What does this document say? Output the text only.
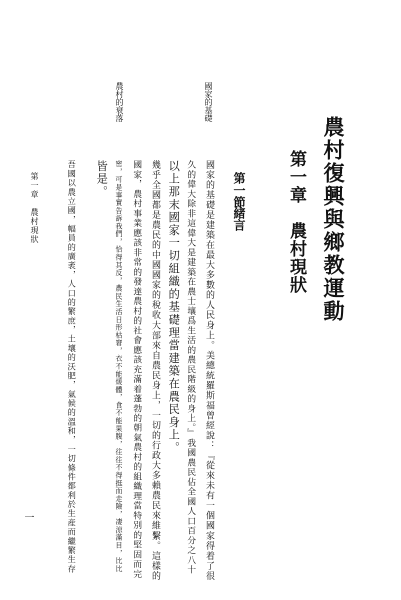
農村復興與鄉教運動
第一章
農村現狀
第一節
緒言
國家的基礎
農村的衰落
國家的基礎是建築在最大多數的人民身上。美總統羅斯福曾經說：『從來未有一個國家得着了很
久的偉大除非這偉大是建築在農士壤爲生活的農民階級的身上。』我國農民佔全國人口百分之八十
以上那末國家一切組織的基礎理當建築在農民身上。
幾乎全國都是農民的中國國家的稅收大部來自農民身上，一切的行政大多賴農民來維繫。這樣的
國家，農村事業應該非常的發達農村的社會應該充滿着蓬勃的朝氣農村的組織理當特別的堅固而完
密，可是事實告訴我們，恰得其反，農民生活日形枯窘，衣不能煖體，食不能果腹，往往不得挺而走險，凄涼滿目，比比
皆是。
吾國以農立國，幅員的廣袤，人口的繁庶，土壤的沃肥，氣候的溫和，一切條件都利於生産而繼繁生存
第一章　農村現狀
一
